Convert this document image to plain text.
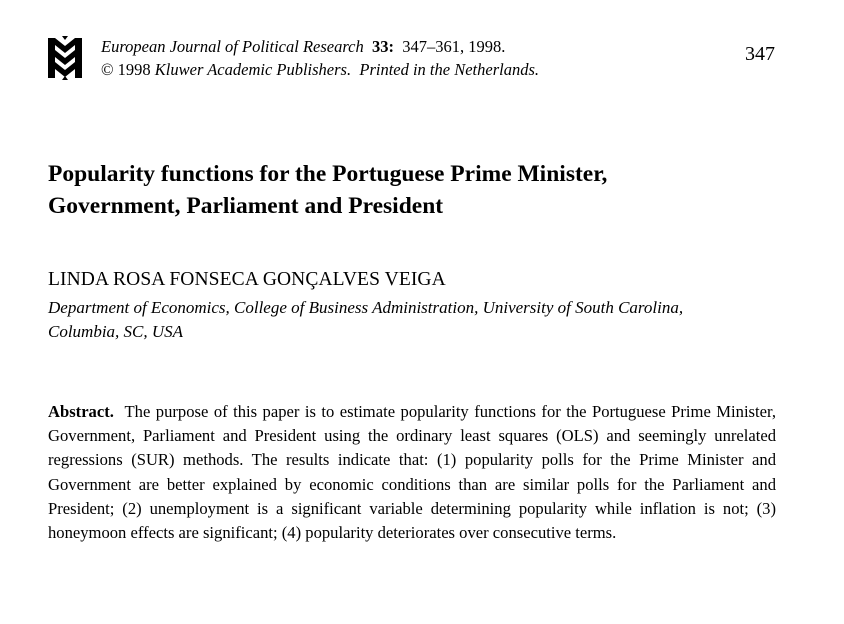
European Journal of Political Research 33: 347–361, 1998.
© 1998 Kluwer Academic Publishers. Printed in the Netherlands.
347
Popularity functions for the Portuguese Prime Minister,
Government, Parliament and President
LINDA ROSA FONSECA GONÇALVES VEIGA
Department of Economics, College of Business Administration, University of South Carolina,
Columbia, SC, USA

Abstract. The purpose of this paper is to estimate popularity functions for the Portuguese Prime Minister, Government, Parliament and President using the ordinary least squares (OLS) and seemingly unrelated regressions (SUR) methods. The results indicate that: (1) popularity polls for the Prime Minister and Government are better explained by economic conditions than are similar polls for the Parliament and President; (2) unemployment is a significant variable determining popularity while inflation is not; (3) honeymoon effects are significant; (4) popularity deteriorates over consecutive terms.
